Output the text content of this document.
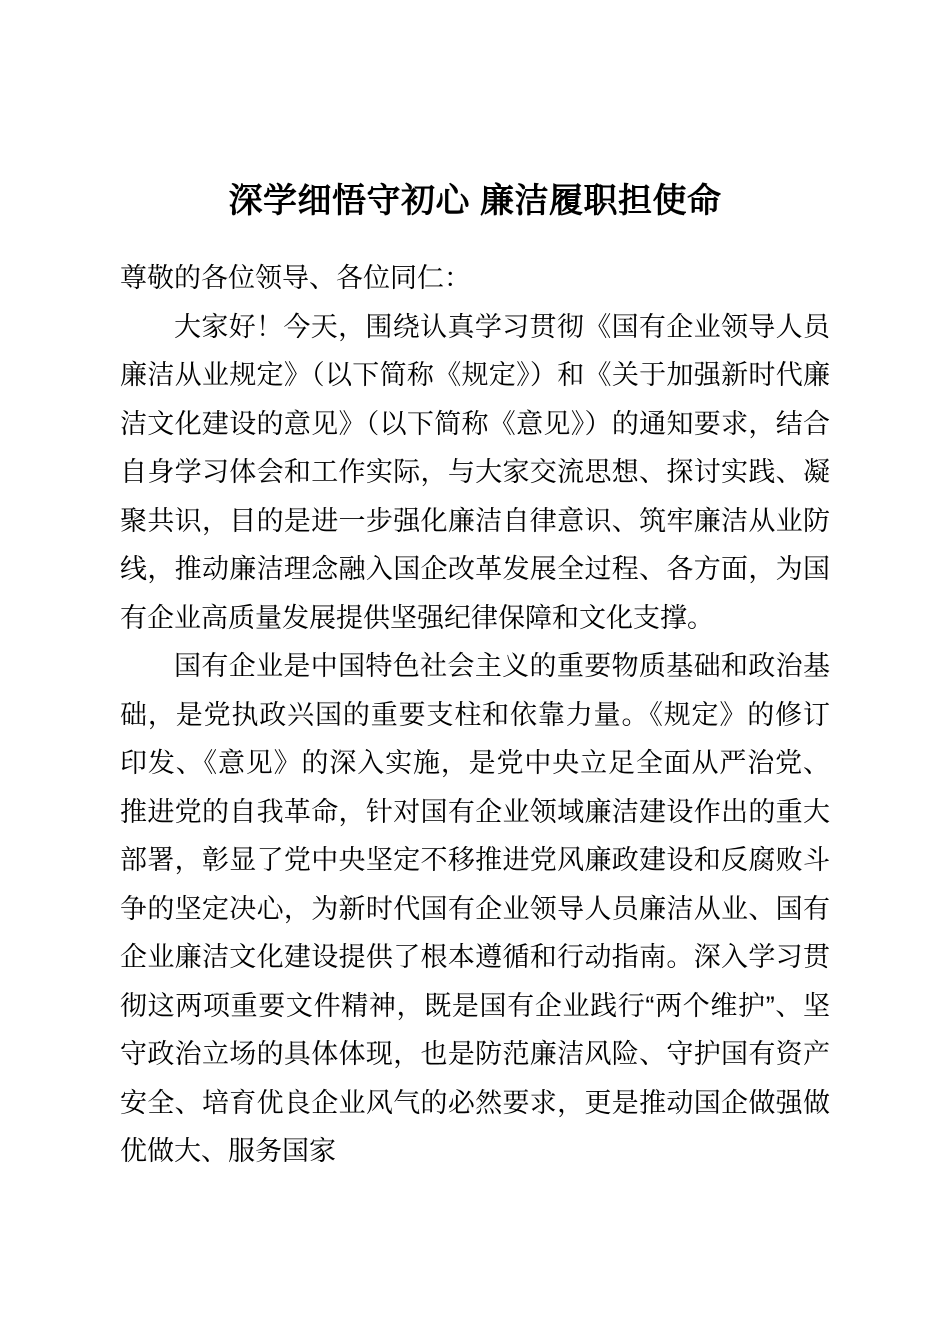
深学细悟守初心 廉洁履职担使命

尊敬的各位领导、各位同仁：

大家好！今天，围绕认真学习贯彻《国有企业领导人员廉洁从业规定》（以下简称《规定》）和《关于加强新时代廉洁文化建设的意见》（以下简称《意见》）的通知要求，结合自身学习体会和工作实际，与大家交流思想、探讨实践、凝聚共识，目的是进一步强化廉洁自律意识、筑牢廉洁从业防线，推动廉洁理念融入国企改革发展全过程、各方面，为国有企业高质量发展提供坚强纪律保障和文化支撑。

国有企业是中国特色社会主义的重要物质基础和政治基础，是党执政兴国的重要支柱和依靠力量。《规定》的修订印发、《意见》的深入实施，是党中央立足全面从严治党、推进党的自我革命，针对国有企业领域廉洁建设作出的重大部署，彰显了党中央坚定不移推进党风廉政建设和反腐败斗争的坚定决心，为新时代国有企业领导人员廉洁从业、国有企业廉洁文化建设提供了根本遵循和行动指南。深入学习贯彻这两项重要文件精神，既是国有企业践行“两个维护”、坚守政治立场的具体体现，也是防范廉洁风险、守护国有资产安全、培育优良企业风气的必然要求，更是推动国企做强做优做大、服务国家
